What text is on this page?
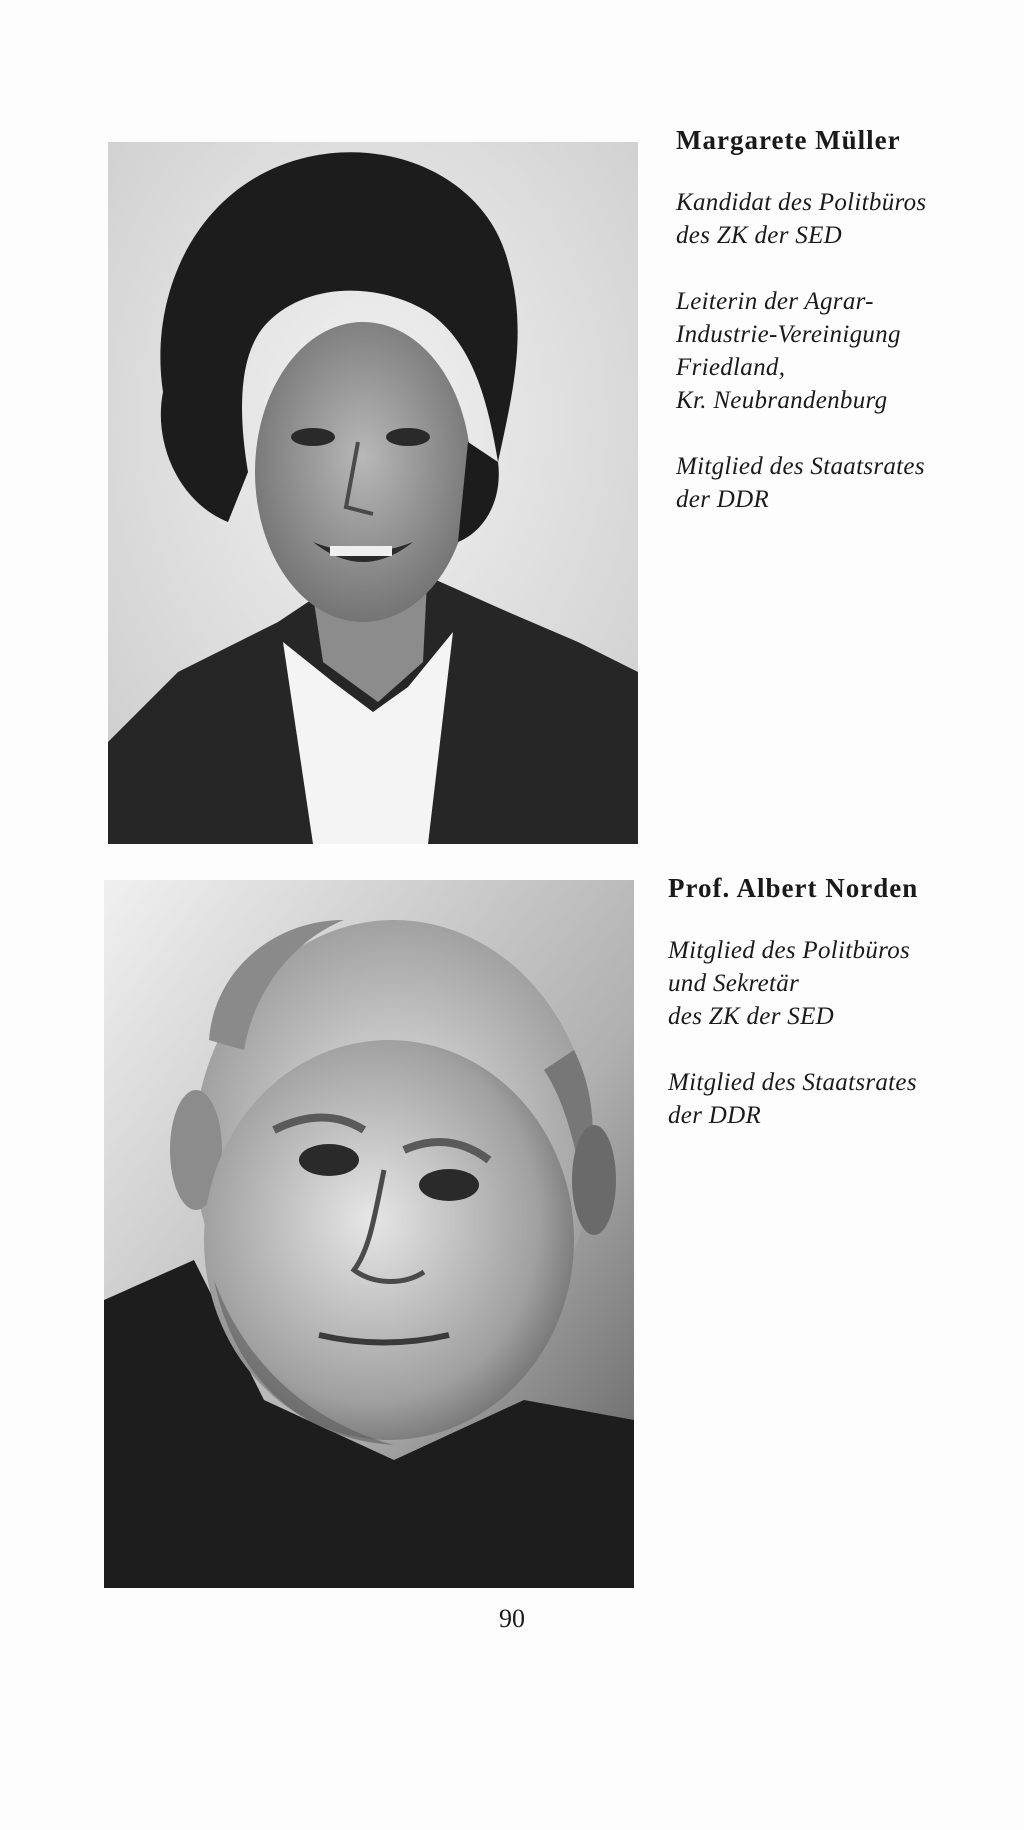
Margarete Müller
Kandidat des Politbüros
des ZK der SED
Leiterin der Agrar-
Industrie-Vereinigung
Friedland,
Kr. Neubrandenburg
Mitglied des Staatsrates
der DDR
Prof. Albert Norden
Mitglied des Politbüros
und Sekretär
des ZK der SED
Mitglied des Staatsrates
der DDR
90
